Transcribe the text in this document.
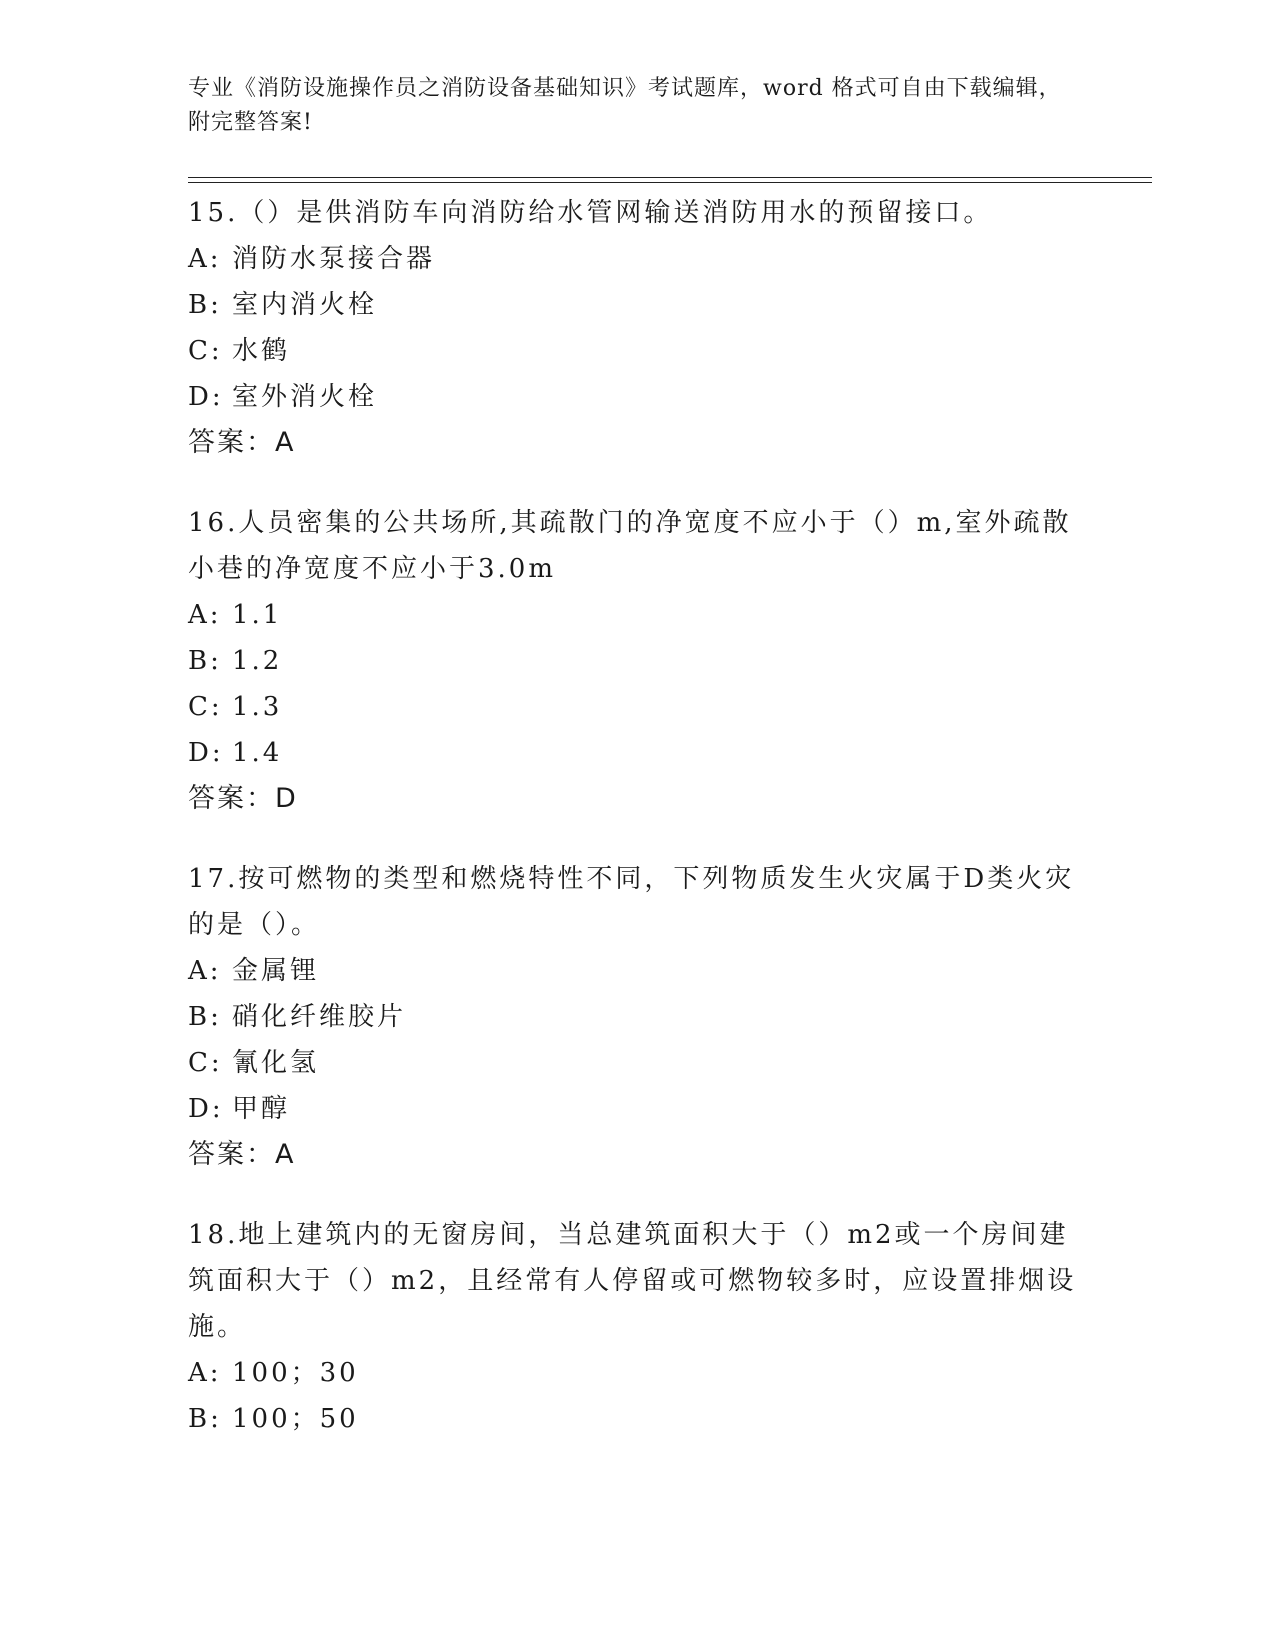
专业《消防设施操作员之消防设备基础知识》考试题库，word 格式可自由下载编辑，附完整答案!
15.（）是供消防车向消防给水管网输送消防用水的预留接口。
A: 消防水泵接合器
B: 室内消火栓
C: 水鹤
D: 室外消火栓
答案：A
16.人员密集的公共场所,其疏散门的净宽度不应小于（）m,室外疏散小巷的净宽度不应小于3.0m
A: 1.1
B: 1.2
C: 1.3
D: 1.4
答案：D
17.按可燃物的类型和燃烧特性不同，下列物质发生火灾属于D类火灾的是（）。
A: 金属锂
B: 硝化纤维胶片
C: 氰化氢
D: 甲醇
答案：A
18.地上建筑内的无窗房间，当总建筑面积大于（）m2或一个房间建筑面积大于（）m2，且经常有人停留或可燃物较多时，应设置排烟设施。
A: 100；30
B: 100；50
